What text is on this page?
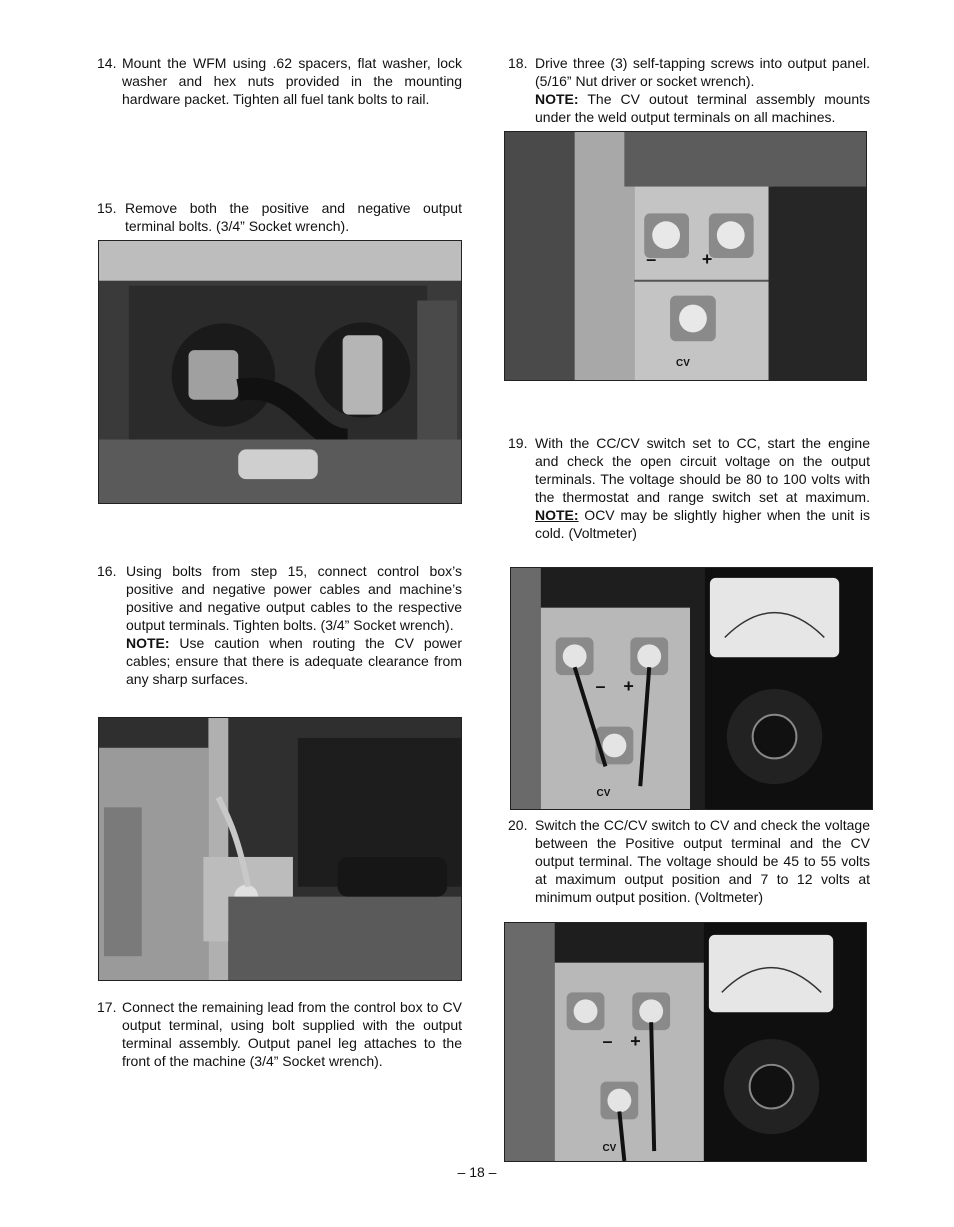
14. Mount the WFM using .62 spacers, flat washer, lock washer and hex nuts provided in the mounting hardware packet. Tighten all fuel tank bolts to rail.

15. Remove both the positive and negative output terminal bolts. (3/4” Socket wrench).

16. Using bolts from step 15, connect control box’s positive and negative power cables and machine’s positive and negative output cables to the respective output terminals. Tighten bolts. (3/4” Socket wrench).

NOTE: Use caution when routing the CV power cables; ensure that there is adequate clearance from any sharp surfaces.

17. Connect the remaining lead from the control box to CV output terminal, using bolt supplied with the output terminal assembly. Output panel leg attaches to the front of the machine (3/4” Socket wrench).

18. Drive three (3) self-tapping screws into output panel. (5/16” Nut driver or socket wrench).

NOTE: The CV outout terminal assembly mounts under the weld output terminals on all machines.

–	+
CV
19. With the CC/CV switch set to CC, start the engine and check the open circuit voltage on the output terminals. The voltage should be 80 to 100 volts with the thermostat and range switch set at maximum. NOTE: OCV may be slightly higher when the unit is cold. (Voltmeter)

– +
CV
20. Switch the CC/CV switch to CV and check the voltage between the Positive output terminal and the CV output terminal. The voltage should be 45 to 55 volts at maximum output position and 7 to 12 volts at minimum output position. (Voltmeter)

– +
CV
– 18 –
